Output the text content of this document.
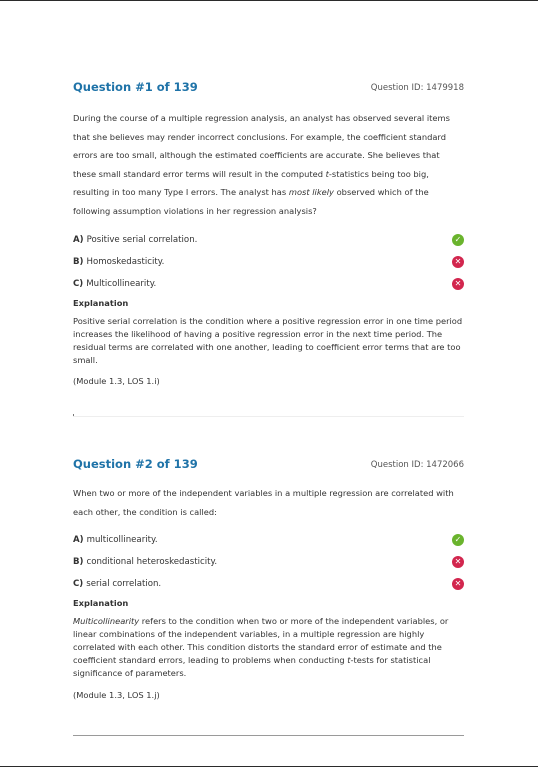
Question #1 of 139	Question ID: 1479918

During the course of a multiple regression analysis, an analyst has observed several items that she believes may render incorrect conclusions. For example, the coefficient standard errors are too small, although the estimated coefficients are accurate. She believes that these small standard error terms will result in the computed t-statistics being too big, resulting in too many Type I errors. The analyst has most likely observed which of the following assumption violations in her regression analysis?

A) Positive serial correlation.	✓
B) Homoskedasticity.	✕
C) Multicollinearity.	✕
Explanation

Positive serial correlation is the condition where a positive regression error in one time period increases the likelihood of having a positive regression error in the next time period. The residual terms are correlated with one another, leading to coefficient error terms that are too small.

(Module 1.3, LOS 1.i)
Question #2 of 139	Question ID: 1472066

When two or more of the independent variables in a multiple regression are correlated with each other, the condition is called:

A) multicollinearity.	✓
B) conditional heteroskedasticity.	✕
C) serial correlation.	✕
Explanation

Multicollinearity refers to the condition when two or more of the independent variables, or linear combinations of the independent variables, in a multiple regression are highly correlated with each other. This condition distorts the standard error of estimate and the coefficient standard errors, leading to problems when conducting t-tests for statistical significance of parameters.

(Module 1.3, LOS 1.j)
